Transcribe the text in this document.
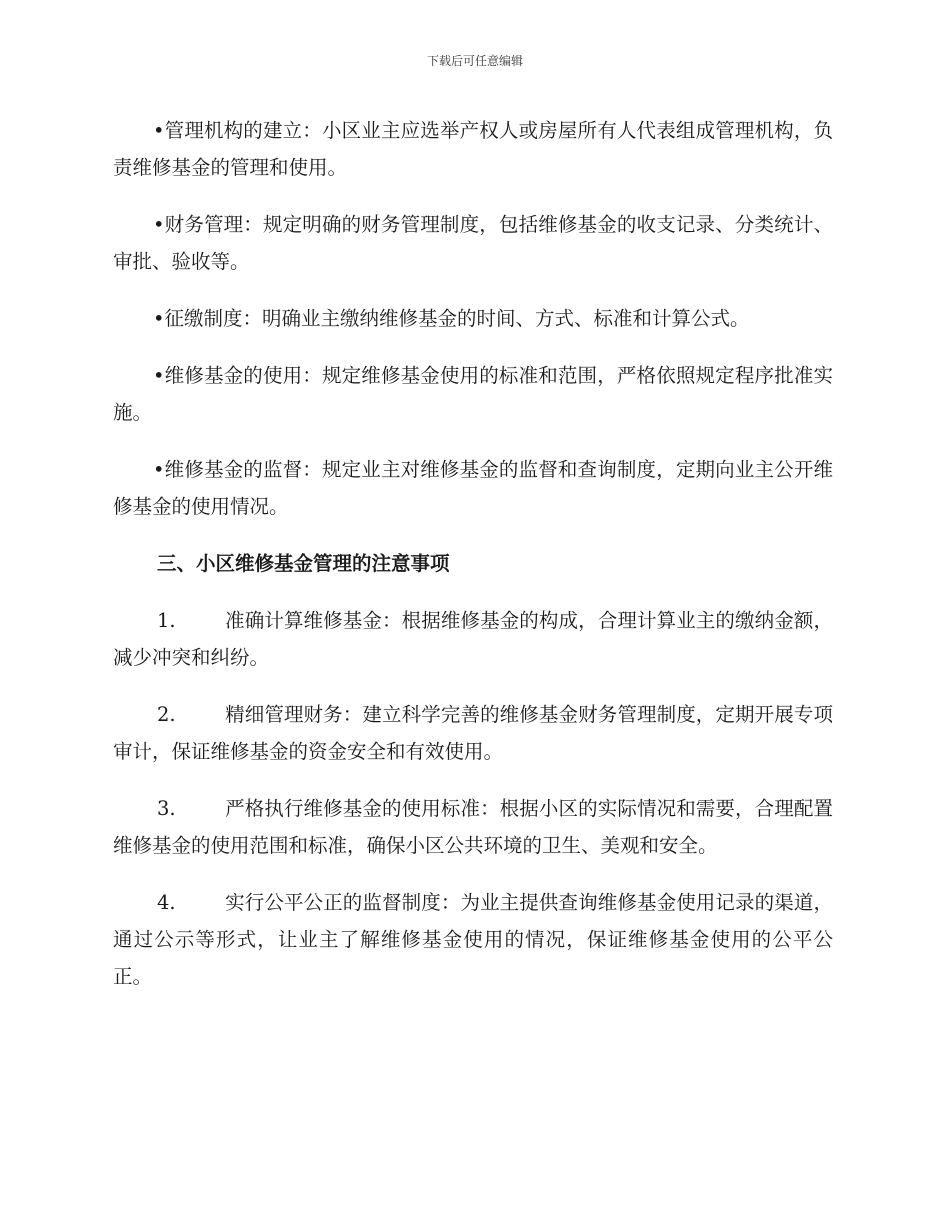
下载后可任意编辑

•管理机构的建立：小区业主应选举产权人或房屋所有人代表组成管理机构，负责维修基金的管理和使用。

•财务管理：规定明确的财务管理制度，包括维修基金的收支记录、分类统计、审批、验收等。

•征缴制度：明确业主缴纳维修基金的时间、方式、标准和计算公式。

•维修基金的使用：规定维修基金使用的标准和范围，严格依照规定程序批准实施。

•维修基金的监督：规定业主对维修基金的监督和查询制度，定期向业主公开维修基金的使用情况。

三、小区维修基金管理的注意事项

1.	准确计算维修基金：根据维修基金的构成，合理计算业主的缴纳金额，减少冲突和纠纷。

2.	精细管理财务：建立科学完善的维修基金财务管理制度，定期开展专项审计，保证维修基金的资金安全和有效使用。

3.	严格执行维修基金的使用标准：根据小区的实际情况和需要，合理配置维修基金的使用范围和标准，确保小区公共环境的卫生、美观和安全。

4.	实行公平公正的监督制度：为业主提供查询维修基金使用记录的渠道，通过公示等形式，让业主了解维修基金使用的情况，保证维修基金使用的公平公正。
